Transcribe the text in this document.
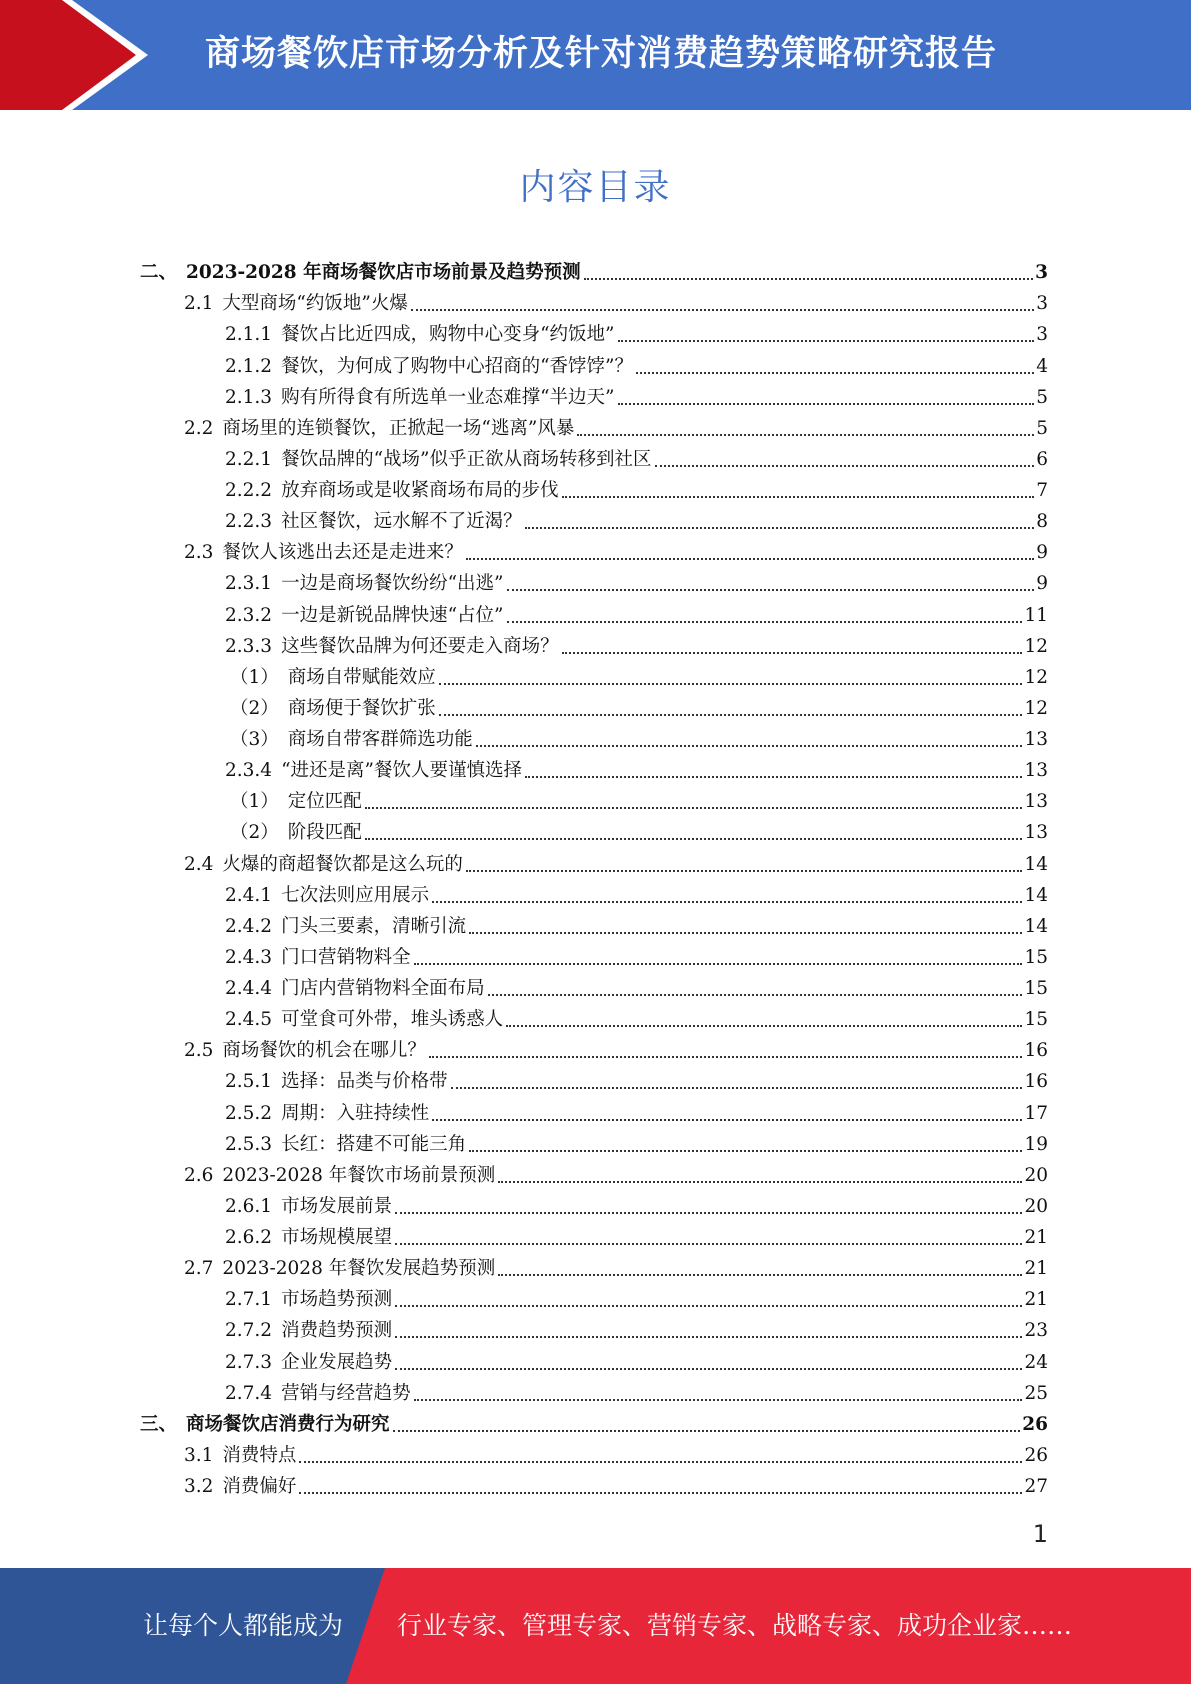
商场餐饮店市场分析及针对消费趋势策略研究报告
内容目录
二、 2023-2028 年商场餐饮店市场前景及趋势预测	3
2.1 大型商场“约饭地”火爆	3
2.1.1 餐饮占比近四成，购物中心变身“约饭地”	3
2.1.2 餐饮，为何成了购物中心招商的“香饽饽”？	4
2.1.3 购有所得食有所选单一业态难撑“半边天”	5
2.2 商场里的连锁餐饮，正掀起一场“逃离”风暴	5
2.2.1 餐饮品牌的“战场”似乎正欲从商场转移到社区	6
2.2.2 放弃商场或是收紧商场布局的步伐	7
2.2.3 社区餐饮，远水解不了近渴？	8
2.3 餐饮人该逃出去还是走进来？	9
2.3.1 一边是商场餐饮纷纷“出逃”	9
2.3.2 一边是新锐品牌快速“占位”	11
2.3.3 这些餐饮品牌为何还要走入商场？	12
（1） 商场自带赋能效应	12
（2） 商场便于餐饮扩张	12
（3） 商场自带客群筛选功能	13
2.3.4 “进还是离”餐饮人要谨慎选择	13
（1） 定位匹配	13
（2） 阶段匹配	13
2.4 火爆的商超餐饮都是这么玩的	14
2.4.1 七次法则应用展示	14
2.4.2 门头三要素，清晰引流	14
2.4.3 门口营销物料全	15
2.4.4 门店内营销物料全面布局	15
2.4.5 可堂食可外带，堆头诱惑人	15
2.5 商场餐饮的机会在哪儿？	16
2.5.1 选择：品类与价格带	16
2.5.2 周期：入驻持续性	17
2.5.3 长红：搭建不可能三角	19
2.6 2023-2028 年餐饮市场前景预测	20
2.6.1 市场发展前景	20
2.6.2 市场规模展望	21
2.7 2023-2028 年餐饮发展趋势预测	21
2.7.1 市场趋势预测	21
2.7.2 消费趋势预测	23
2.7.3 企业发展趋势	24
2.7.4 营销与经营趋势	25
三、 商场餐饮店消费行为研究	26
3.1 消费特点	26
3.2 消费偏好	27
1
让每个人都能成为 行业专家、管理专家、营销专家、战略专家、成功企业家……
